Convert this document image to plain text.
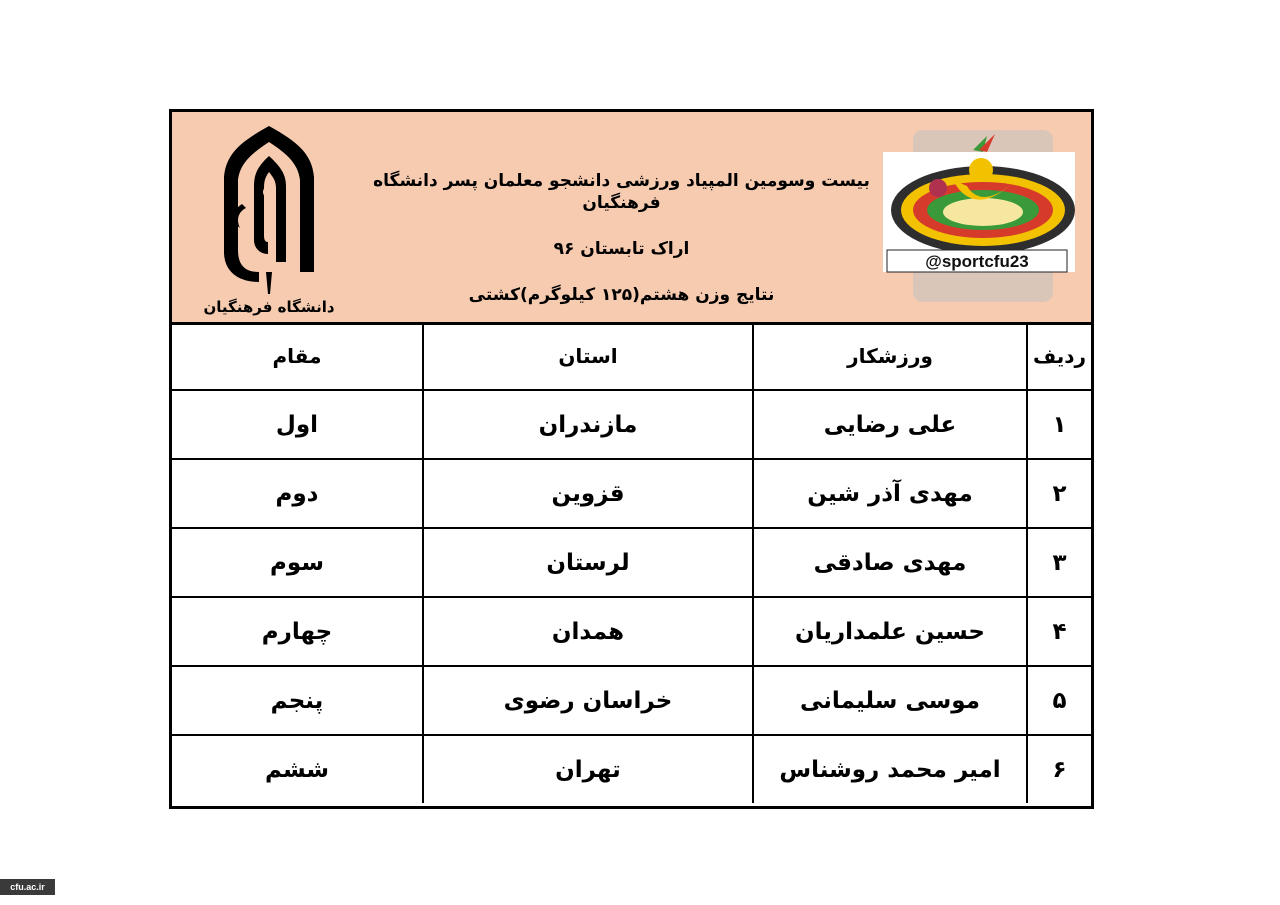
دانشگاه فرهنگیان
بیست وسومین المپیاد ورزشی دانشجو معلمان پسر دانشگاه فرهنگیان
اراک تابستان ۹۶
نتایج وزن هشتم(۱۲۵ کیلوگرم)کشتی
@sportcfu23
ردیف	ورزشکار	استان	مقام
۱	علی رضایی	مازندران	اول
۲	مهدی آذر شین	قزوین	دوم
۳	مهدی صادقی	لرستان	سوم
۴	حسین علمداریان	همدان	چهارم
۵	موسی سلیمانی	خراسان رضوی	پنجم
۶	امیر محمد روشناس	تهران	ششم
cfu.ac.ir
